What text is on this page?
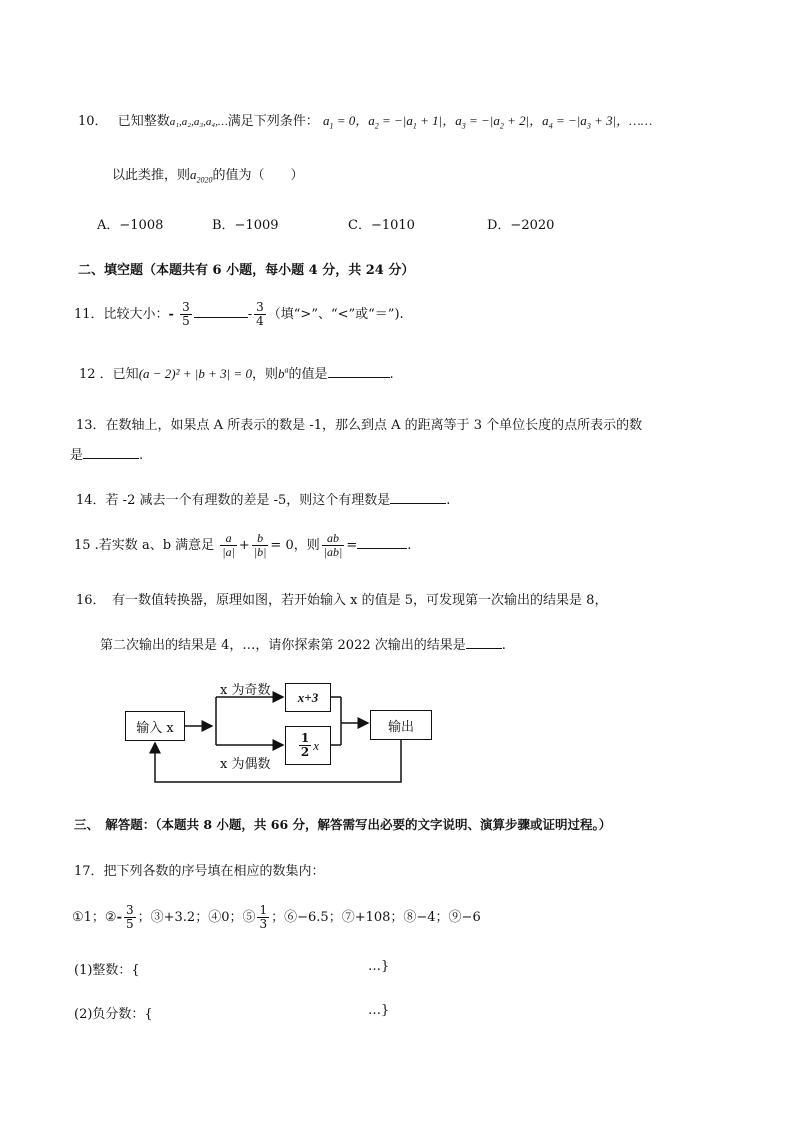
10． 已知整数a₁,a₂,a₃,a₄,…满足下列条件： $a_1 = 0$，$a_2 = -|a_1 + 1|$，$a_3 = -|a_2 + 2|$，$a_4 = -|a_3 + 3|$，……
以此类推，则$a_{2020}$的值为（　　）
A．−1008	B．−1009	C．−1010	D．−2020
二、填空题（本题共有 6 小题，每小题 4 分，共 24 分）
11．比较大小：- $\frac{3}{5}$	- $\frac{3}{4}$ （填“>”、“<”或“＝”).
12 ．已知(a − 2)² + |b + 3| = 0，则$b^a$的值是	.
13．在数轴上，如果点 A 所表示的数是 -1，那么到点 A 的距离等于 3 个单位长度的点所表示的数
是	.
14．若 -2 减去一个有理数的差是 -5，则这个有理数是	.
15 .若实数 a、b 满意足 $\frac{a}{|a|} + \frac{b}{|b|} = 0$，则 $\frac{ab}{|ab|}$ =	.
16．　有一数值转换器，原理如图，若开始输入 x 的值是 5，可发现第一次输出的结果是 8，
第二次输出的结果是 4，…，请你探索第 2022 次输出的结果是	.
输入 x
x+3
$\frac{1}{2}$ x
输出
x 为奇数
x 为偶数
三、　解答题：（本题共 8 小题，共 66 分，解答需写出必要的文字说明、演算步骤或证明过程。）
17．把下列各数的序号填在相应的数集内：
①1；②- $\frac{3}{5}$ ；③+3.2；④0；⑤ $\frac{1}{3}$ ；⑥−6.5；⑦+108；⑧−4；⑨−6
(1)整数：{	…}
(2)负分数：{	…}
